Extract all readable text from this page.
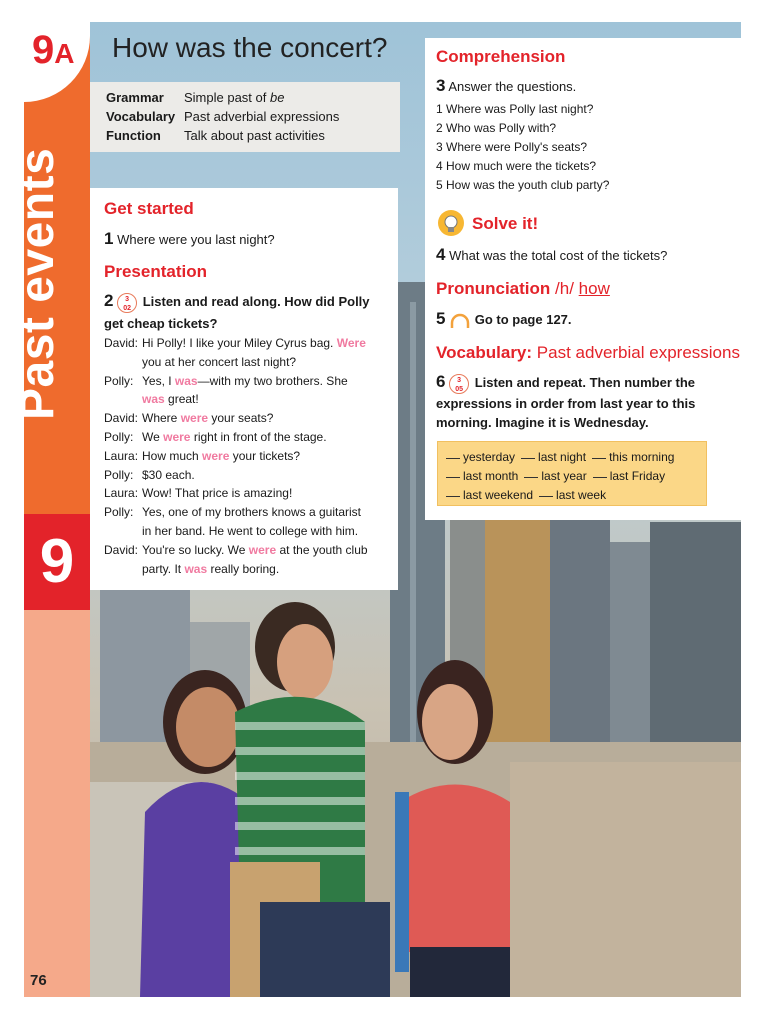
Past events
9
76
9A How was the concert?
Grammar	Simple past of be
Vocabulary Past adverbial expressions
Function	Talk about past activities
Get started
1 Where were you last night?
Presentation
2 3
02 Listen and read along. How did Polly
get cheap tickets?
David: Hi Polly! I like your Miley Cyrus bag. Were
you at her concert last night?
Polly: Yes, I was—with my two brothers. She
was great!
David: Where were your seats?
Polly: We were right in front of the stage.
Laura: How much were your tickets?
Polly: $30 each.
Laura: Wow! That price is amazing!
Polly: Yes, one of my brothers knows a guitarist
in her band. He went to college with him.
David: You're so lucky. We were at the youth club
party. It was really boring.
Comprehension
3 Answer the questions.
1 Where was Polly last night?
2 Who was Polly with?
3 Where were Polly's seats?
4 How much were the tickets?
5 How was the youth club party?
Solve it!
4 What was the total cost of the tickets?
Pronunciation /h/ how
5 Go to page 127.
Vocabulary: Past adverbial expressions
6 3
05 Listen and repeat. Then number the
expressions in order from last year to this
morning. Imagine it is Wednesday.
yesterday	last night	this morning
last month	last year	last Friday
last weekend	last week
